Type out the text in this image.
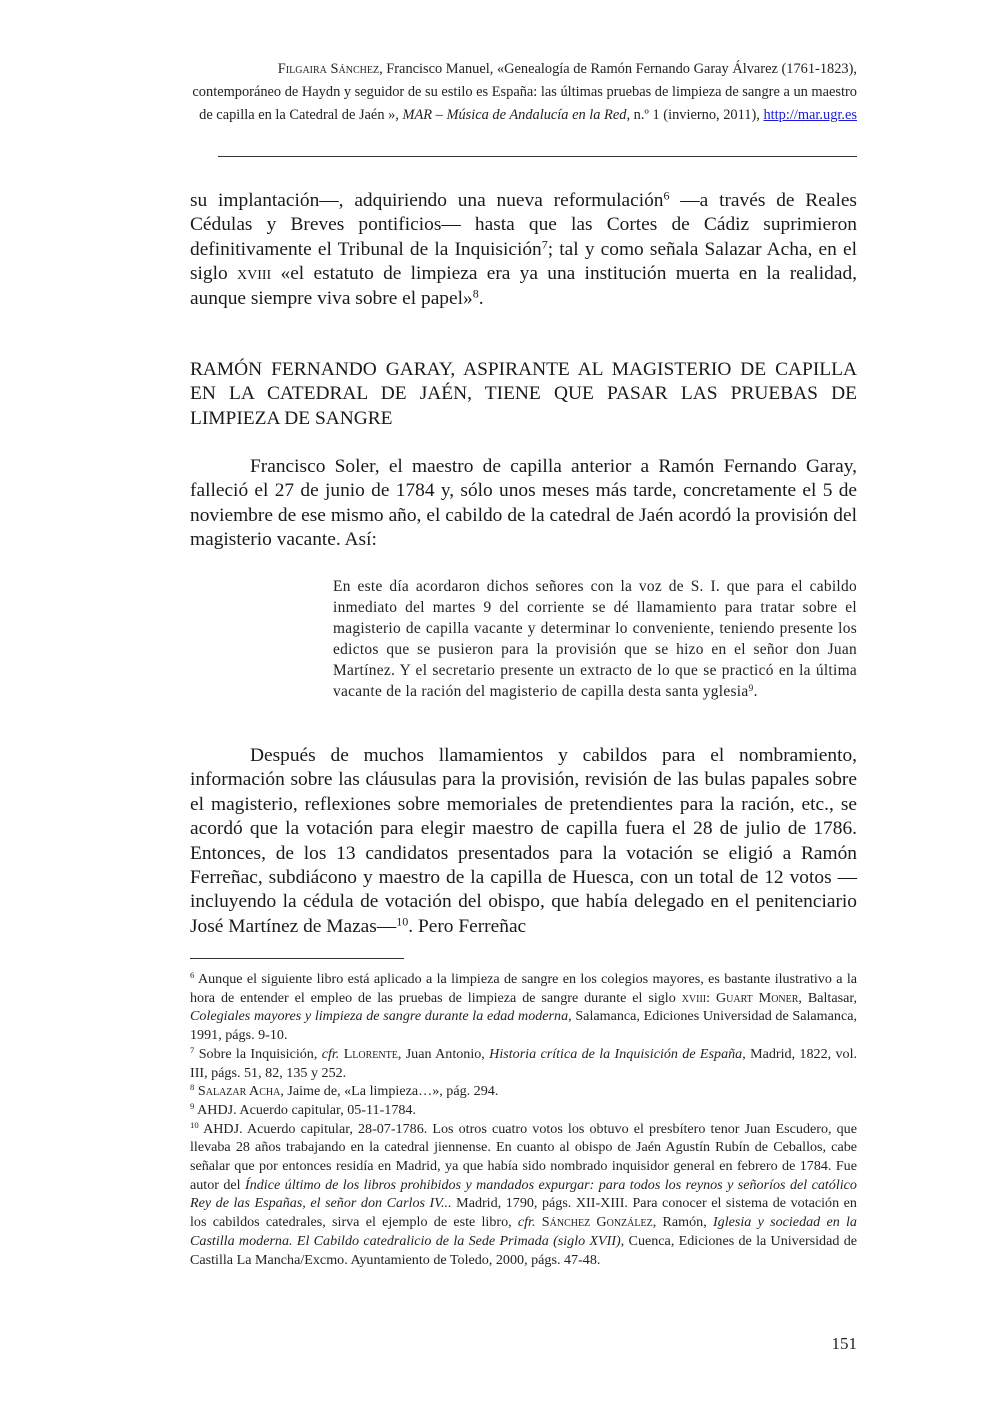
Filgaira Sánchez, Francisco Manuel, «Genealogía de Ramón Fernando Garay Álvarez (1761-1823), contemporáneo de Haydn y seguidor de su estilo es España: las últimas pruebas de limpieza de sangre a un maestro de capilla en la Catedral de Jaén », MAR – Música de Andalucía en la Red, n.º 1 (invierno, 2011), http://mar.ugr.es
su implantación—, adquiriendo una nueva reformulación$^6$ —a través de Reales Cédulas y Breves pontificios— hasta que las Cortes de Cádiz suprimieron definitivamente el Tribunal de la Inquisición$^7$; tal y como señala Salazar Acha, en el siglo xviii «el estatuto de limpieza era ya una institución muerta en la realidad, aunque siempre viva sobre el papel»$^8$.
RAMÓN FERNANDO GARAY, ASPIRANTE AL MAGISTERIO DE CAPILLA EN LA CATEDRAL DE JAÉN, TIENE QUE PASAR LAS PRUEBAS DE LIMPIEZA DE SANGRE
Francisco Soler, el maestro de capilla anterior a Ramón Fernando Garay, falleció el 27 de junio de 1784 y, sólo unos meses más tarde, concretamente el 5 de noviembre de ese mismo año, el cabildo de la catedral de Jaén acordó la provisión del magisterio vacante. Así:
En este día acordaron dichos señores con la voz de S. I. que para el cabildo inmediato del martes 9 del corriente se dé llamamiento para tratar sobre el magisterio de capilla vacante y determinar lo conveniente, teniendo presente los edictos que se pusieron para la provisión que se hizo en el señor don Juan Martínez. Y el secretario presente un extracto de lo que se practicó en la última vacante de la ración del magisterio de capilla desta santa yglesia$^9$.
Después de muchos llamamientos y cabildos para el nombramiento, información sobre las cláusulas para la provisión, revisión de las bulas papales sobre el magisterio, reflexiones sobre memoriales de pretendientes para la ración, etc., se acordó que la votación para elegir maestro de capilla fuera el 28 de julio de 1786. Entonces, de los 13 candidatos presentados para la votación se eligió a Ramón Ferreñac, subdiácono y maestro de la capilla de Huesca, con un total de 12 votos —incluyendo la cédula de votación del obispo, que había delegado en el penitenciario José Martínez de Mazas—$^{10}$. Pero Ferreñac

$^6$ Aunque el siguiente libro está aplicado a la limpieza de sangre en los colegios mayores, es bastante ilustrativo a la hora de entender el empleo de las pruebas de limpieza de sangre durante el siglo xviii: Guart Moner, Baltasar, Colegiales mayores y limpieza de sangre durante la edad moderna, Salamanca, Ediciones Universidad de Salamanca, 1991, págs. 9-10.

$^7$ Sobre la Inquisición, cfr. Llorente, Juan Antonio, Historia crítica de la Inquisición de España, Madrid, 1822, vol. III, págs. 51, 82, 135 y 252.

$^8$ Salazar Acha, Jaime de, «La limpieza…», pág. 294.

$^9$ AHDJ. Acuerdo capitular, 05-11-1784.

$^{10}$ AHDJ. Acuerdo capitular, 28-07-1786. Los otros cuatro votos los obtuvo el presbítero tenor Juan Escudero, que llevaba 28 años trabajando en la catedral jiennense. En cuanto al obispo de Jaén Agustín Rubín de Ceballos, cabe señalar que por entonces residía en Madrid, ya que había sido nombrado inquisidor general en febrero de 1784. Fue autor del Índice último de los libros prohibidos y mandados expurgar: para todos los reynos y señoríos del católico Rey de las Españas, el señor don Carlos IV... Madrid, 1790, págs. XII-XIII. Para conocer el sistema de votación en los cabildos catedrales, sirva el ejemplo de este libro, cfr. Sánchez González, Ramón, Iglesia y sociedad en la Castilla moderna. El Cabildo catedralicio de la Sede Primada (siglo XVII), Cuenca, Ediciones de la Universidad de Castilla La Mancha/Excmo. Ayuntamiento de Toledo, 2000, págs. 47-48.

151
